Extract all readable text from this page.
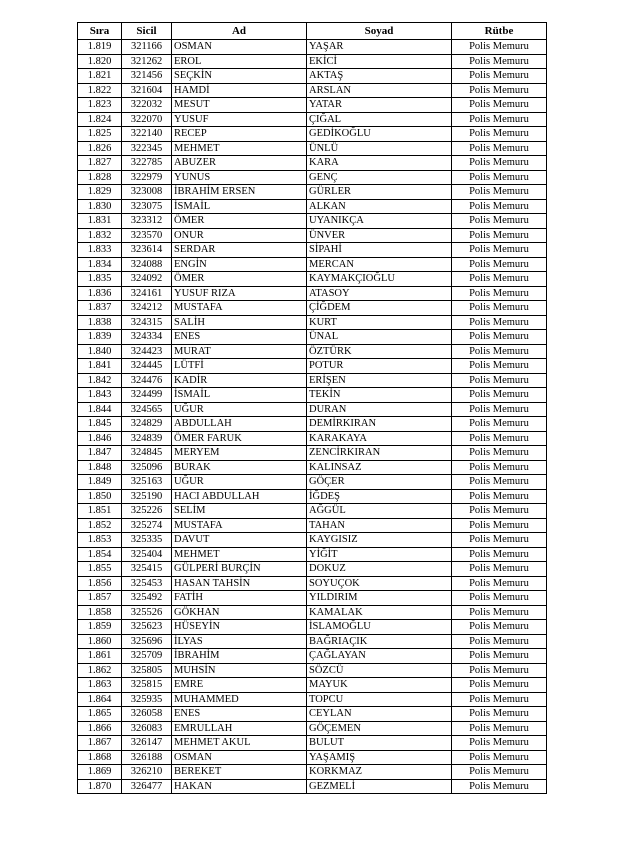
Sıra	Sicil	Ad	Soyad	Rütbe
1.819	321166	OSMAN	YAŞAR	Polis Memuru
1.820	321262	EROL	EKİCİ	Polis Memuru
1.821	321456	SEÇKİN	AKTAŞ	Polis Memuru
1.822	321604	HAMDİ	ARSLAN	Polis Memuru
1.823	322032	MESUT	YATAR	Polis Memuru
1.824	322070	YUSUF	ÇIĞAL	Polis Memuru
1.825	322140	RECEP	GEDİKOĞLU	Polis Memuru
1.826	322345	MEHMET	ÜNLÜ	Polis Memuru
1.827	322785	ABUZER	KARA	Polis Memuru
1.828	322979	YUNUS	GENÇ	Polis Memuru
1.829	323008	İBRAHİM ERSEN	GÜRLER	Polis Memuru
1.830	323075	İSMAİL	ALKAN	Polis Memuru
1.831	323312	ÖMER	UYANIKÇA	Polis Memuru
1.832	323570	ONUR	ÜNVER	Polis Memuru
1.833	323614	SERDAR	SİPAHİ	Polis Memuru
1.834	324088	ENGİN	MERCAN	Polis Memuru
1.835	324092	ÖMER	KAYMAKÇIOĞLU	Polis Memuru
1.836	324161	YUSUF RIZA	ATASOY	Polis Memuru
1.837	324212	MUSTAFA	ÇİĞDEM	Polis Memuru
1.838	324315	SALİH	KURT	Polis Memuru
1.839	324334	ENES	ÜNAL	Polis Memuru
1.840	324423	MURAT	ÖZTÜRK	Polis Memuru
1.841	324445	LÜTFİ	POTUR	Polis Memuru
1.842	324476	KADİR	ERİŞEN	Polis Memuru
1.843	324499	İSMAİL	TEKİN	Polis Memuru
1.844	324565	UĞUR	DURAN	Polis Memuru
1.845	324829	ABDULLAH	DEMİRKIRAN	Polis Memuru
1.846	324839	ÖMER FARUK	KARAKAYA	Polis Memuru
1.847	324845	MERYEM	ZENCİRKIRAN	Polis Memuru
1.848	325096	BURAK	KALINSAZ	Polis Memuru
1.849	325163	UĞUR	GÖÇER	Polis Memuru
1.850	325190	HACI ABDULLAH	İĞDEŞ	Polis Memuru
1.851	325226	SELİM	AĞGÜL	Polis Memuru
1.852	325274	MUSTAFA	TAHAN	Polis Memuru
1.853	325335	DAVUT	KAYGISIZ	Polis Memuru
1.854	325404	MEHMET	YİĞİT	Polis Memuru
1.855	325415	GÜLPERİ BURÇİN	DOKUZ	Polis Memuru
1.856	325453	HASAN TAHSİN	SOYUÇOK	Polis Memuru
1.857	325492	FATİH	YILDIRIM	Polis Memuru
1.858	325526	GÖKHAN	KAMALAK	Polis Memuru
1.859	325623	HÜSEYİN	İSLAMOĞLU	Polis Memuru
1.860	325696	İLYAS	BAĞRIAÇIK	Polis Memuru
1.861	325709	İBRAHİM	ÇAĞLAYAN	Polis Memuru
1.862	325805	MUHSİN	SÖZCÜ	Polis Memuru
1.863	325815	EMRE	MAYUK	Polis Memuru
1.864	325935	MUHAMMED	TOPCU	Polis Memuru
1.865	326058	ENES	CEYLAN	Polis Memuru
1.866	326083	EMRULLAH	GÖÇEMEN	Polis Memuru
1.867	326147	MEHMET AKUL	BULUT	Polis Memuru
1.868	326188	OSMAN	YAŞAMIŞ	Polis Memuru
1.869	326210	BEREKET	KORKMAZ	Polis Memuru
1.870	326477	HAKAN	GEZMELİ	Polis Memuru
